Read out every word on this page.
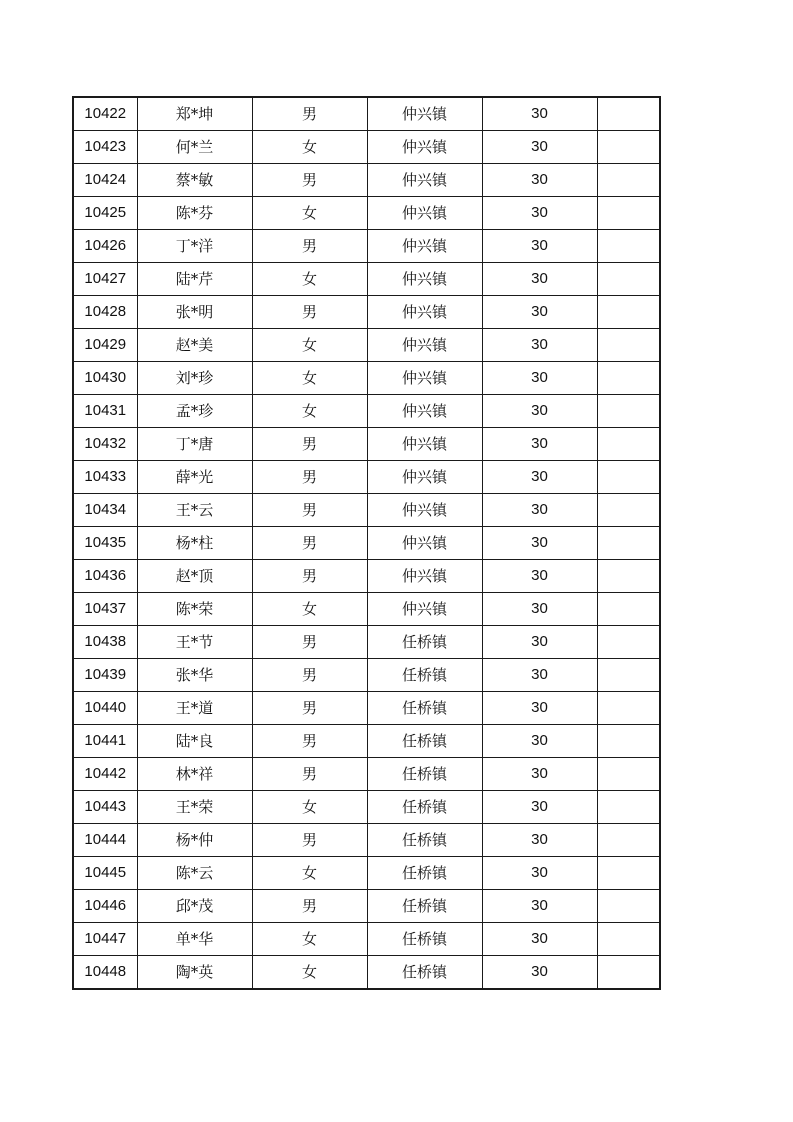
10422	郑*坤	男	仲兴镇	30	
10423	何*兰	女	仲兴镇	30	
10424	蔡*敏	男	仲兴镇	30	
10425	陈*芬	女	仲兴镇	30	
10426	丁*洋	男	仲兴镇	30	
10427	陆*芹	女	仲兴镇	30	
10428	张*明	男	仲兴镇	30	
10429	赵*美	女	仲兴镇	30	
10430	刘*珍	女	仲兴镇	30	
10431	孟*珍	女	仲兴镇	30	
10432	丁*唐	男	仲兴镇	30	
10433	薛*光	男	仲兴镇	30	
10434	王*云	男	仲兴镇	30	
10435	杨*柱	男	仲兴镇	30	
10436	赵*顶	男	仲兴镇	30	
10437	陈*荣	女	仲兴镇	30	
10438	王*节	男	任桥镇	30	
10439	张*华	男	任桥镇	30	
10440	王*道	男	任桥镇	30	
10441	陆*良	男	任桥镇	30	
10442	林*祥	男	任桥镇	30	
10443	王*荣	女	任桥镇	30	
10444	杨*仲	男	任桥镇	30	
10445	陈*云	女	任桥镇	30	
10446	邱*茂	男	任桥镇	30	
10447	单*华	女	任桥镇	30	
10448	陶*英	女	任桥镇	30	
